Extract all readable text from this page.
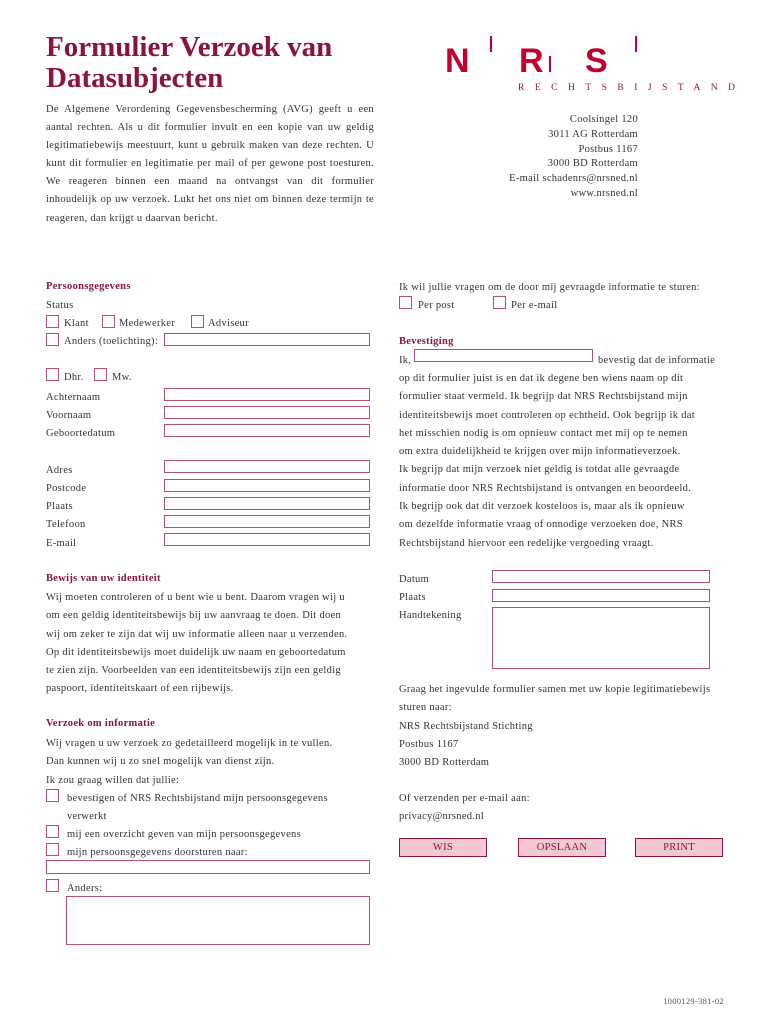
Formulier Verzoek van
Datasubjecten
De Algemene Verordening Gegevensbescherming (AVG) geeft u een aantal rechten. Als u dit formulier invult en een kopie van uw geldig legitimatiebewijs meestuurt, kunt u gebruik maken van deze rechten. U kunt dit formulier en legitimatie per mail of per gewone post toesturen. We reageren binnen een maand na ontvangst van dit formulier inhoudelijk op uw verzoek. Lukt het ons niet om binnen deze termijn te reageren, dan krijgt u daarvan bericht.
N R S
RECHTSBIJSTAND
Coolsingel 120
3011 AG Rotterdam
Postbus 1167
3000 BD Rotterdam
E-mail schadenrs@nrsned.nl
www.nrsned.nl
Persoonsgegevens
Status
Klant	Medewerker	Adviseur
Anders (toelichting):
Dhr.	Mw.
Achternaam
Voornaam
Geboortedatum
Adres
Postcode
Plaats
Telefoon
E-mail
Bewijs van uw identiteit
Wij moeten controleren of u bent wie u bent. Daarom vragen wij u
om een geldig identiteitsbewijs bij uw aanvraag te doen. Dit doen
wij om zeker te zijn dat wij uw informatie alleen naar u verzenden.
Op dit identiteitsbewijs moet duidelijk uw naam en geboortedatum
te zien zijn. Voorbeelden van een identiteitsbewijs zijn een geldig
paspoort, identiteitskaart of een rijbewijs.
Verzoek om informatie
Wij vragen u uw verzoek zo gedetailleerd mogelijk in te vullen.
Dan kunnen wij u zo snel mogelijk van dienst zijn.
Ik zou graag willen dat jullie:
bevestigen of NRS Rechtsbijstand mijn persoonsgegevens
verwerkt
mij een overzicht geven van mijn persoonsgegevens
mijn persoonsgegevens doorsturen naar:
Anders:
Ik wil jullie vragen om de door mij gevraagde informatie te sturen:
Per post	Per e-mail
Bevestiging
Ik,	bevestig dat de informatie
op dit formulier juist is en dat ik degene ben wiens naam op dit
formulier staat vermeld. Ik begrijp dat NRS Rechtsbijstand mijn
identiteitsbewijs moet controleren op echtheid. Ook begrijp ik dat
het misschien nodig is om opnieuw contact met mij op te nemen
om extra duidelijkheid te krijgen over mijn informatieverzoek.
Ik begrijp dat mijn verzoek niet geldig is totdat alle gevraagde
informatie door NRS Rechtsbijstand is ontvangen en beoordeeld.
Ik begrijp ook dat dit verzoek kosteloos is, maar als ik opnieuw
om dezelfde informatie vraag of onnodige verzoeken doe, NRS
Rechtsbijstand hiervoor een redelijke vergoeding vraagt.
Datum
Plaats
Handtekening
Graag het ingevulde formulier samen met uw kopie legitimatiebewijs
sturen naar:
NRS Rechtsbijstand Stichting
Postbus 1167
3000 BD Rotterdam
Of verzenden per e-mail aan:
privacy@nrsned.nl
WIS	OPSLAAN	PRINT
1000129-381-02
